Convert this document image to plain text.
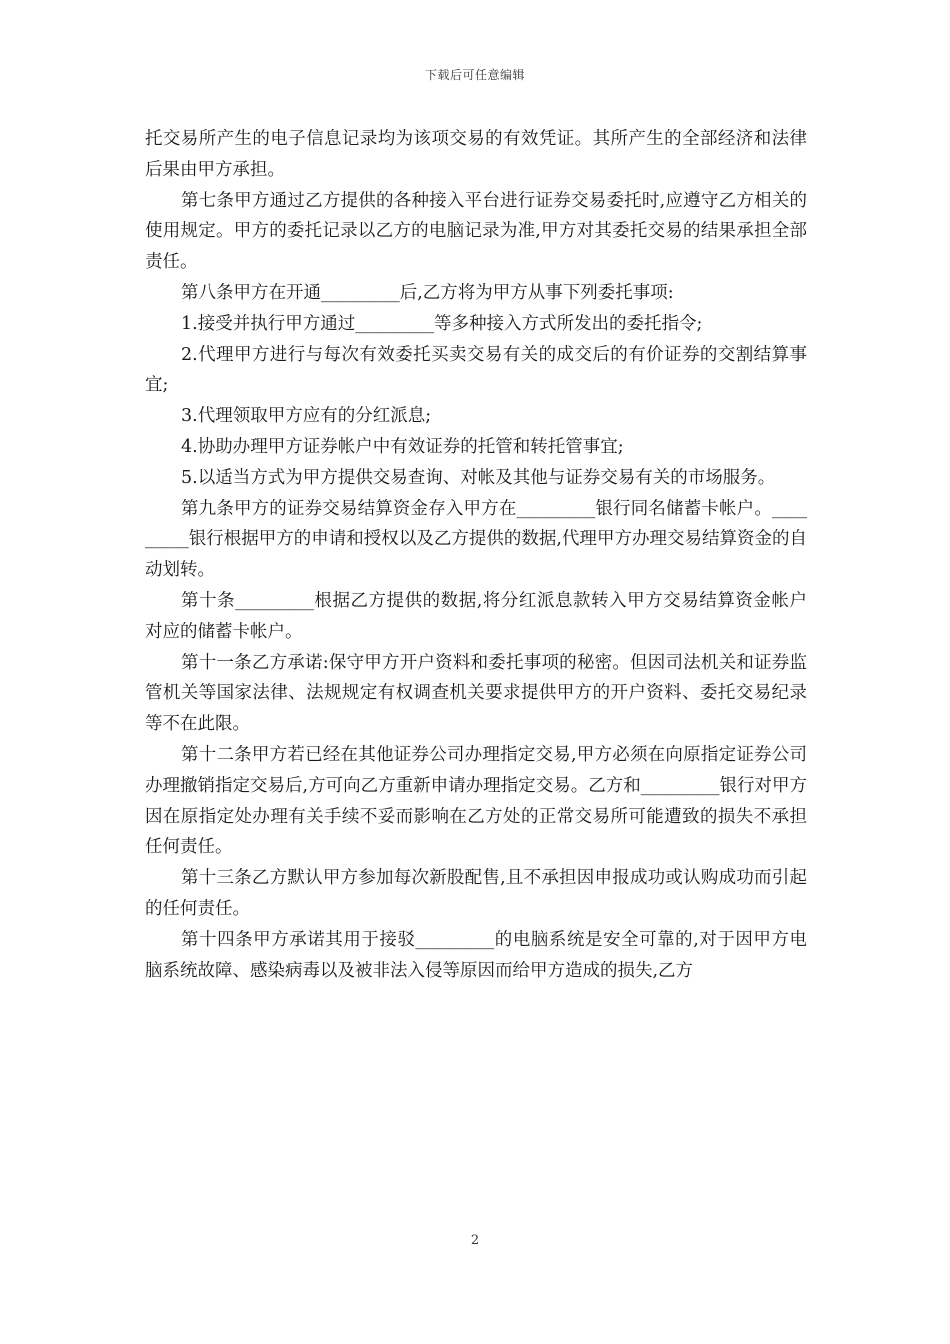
下载后可任意编辑

托交易所产生的电子信息记录均为该项交易的有效凭证。其所产生的全部经济和法律后果由甲方承担。

第七条甲方通过乙方提供的各种接入平台进行证券交易委托时,应遵守乙方相关的使用规定。甲方的委托记录以乙方的电脑记录为准,甲方对其委托交易的结果承担全部责任。

第八条甲方在开通_________后,乙方将为甲方从事下列委托事项:

1.接受并执行甲方通过_________等多种接入方式所发出的委托指令;

2.代理甲方进行与每次有效委托买卖交易有关的成交后的有价证券的交割结算事宜;

3.代理领取甲方应有的分红派息;

4.协助办理甲方证券帐户中有效证券的托管和转托管事宜;

5.以适当方式为甲方提供交易查询、对帐及其他与证券交易有关的市场服务。

第九条甲方的证券交易结算资金存入甲方在_________银行同名储蓄卡帐户。_________银行根据甲方的申请和授权以及乙方提供的数据,代理甲方办理交易结算资金的自动划转。

第十条_________根据乙方提供的数据,将分红派息款转入甲方交易结算资金帐户对应的储蓄卡帐户。

第十一条乙方承诺:保守甲方开户资料和委托事项的秘密。但因司法机关和证券监管机关等国家法律、法规规定有权调查机关要求提供甲方的开户资料、委托交易纪录等不在此限。

第十二条甲方若已经在其他证券公司办理指定交易,甲方必须在向原指定证券公司办理撤销指定交易后,方可向乙方重新申请办理指定交易。乙方和_________银行对甲方因在原指定处办理有关手续不妥而影响在乙方处的正常交易所可能遭致的损失不承担任何责任。

第十三条乙方默认甲方参加每次新股配售,且不承担因申报成功或认购成功而引起的任何责任。

第十四条甲方承诺其用于接驳_________的电脑系统是安全可靠的,对于因甲方电脑系统故障、感染病毒以及被非法入侵等原因而给甲方造成的损失,乙方

2
